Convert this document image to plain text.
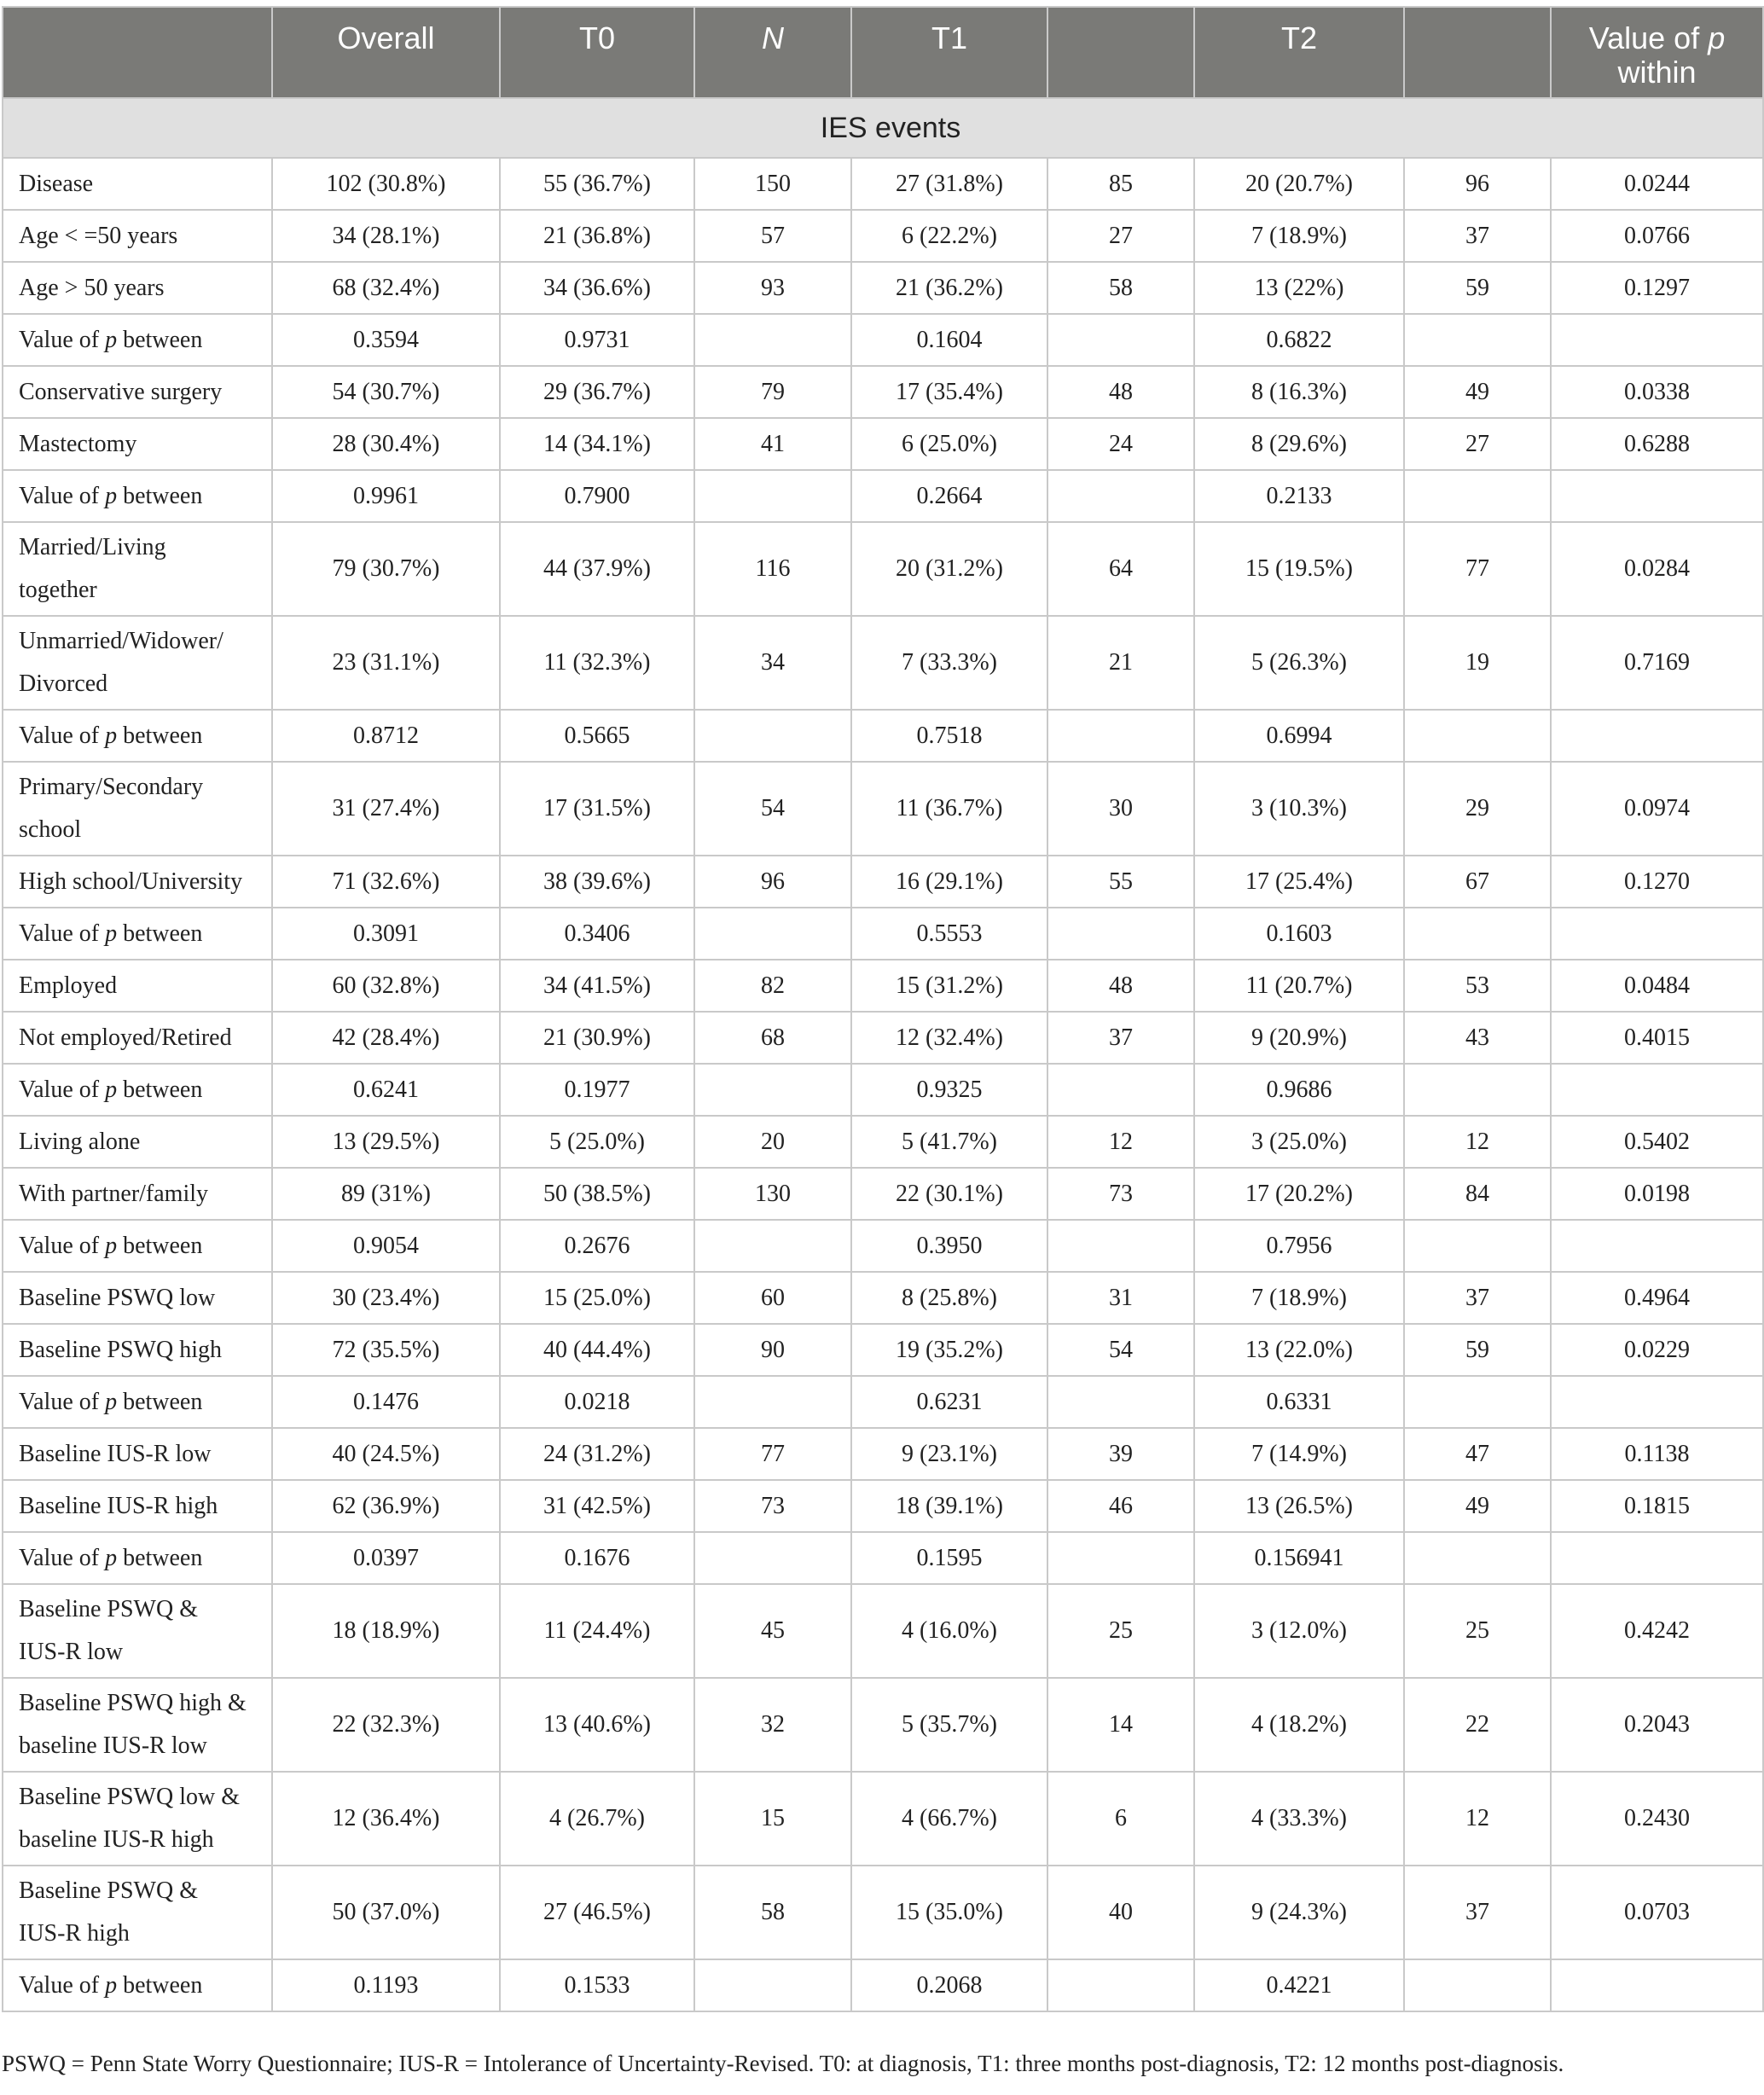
	Overall	T0	N	T1		T2		Value of p within
IES events								
Disease	102 (30.8%)	55 (36.7%)	150	27 (31.8%)	85	20 (20.7%)	96	0.0244
Age < =50 years	34 (28.1%)	21 (36.8%)	57	6 (22.2%)	27	7 (18.9%)	37	0.0766
Age > 50 years	68 (32.4%)	34 (36.6%)	93	21 (36.2%)	58	13 (22%)	59	0.1297
Value of p between	0.3594	0.9731		0.1604		0.6822		
Conservative surgery	54 (30.7%)	29 (36.7%)	79	17 (35.4%)	48	8 (16.3%)	49	0.0338
Mastectomy	28 (30.4%)	14 (34.1%)	41	6 (25.0%)	24	8 (29.6%)	27	0.6288
Value of p between	0.9961	0.7900		0.2664		0.2133		
Married/Living
together	79 (30.7%)	44 (37.9%)	116	20 (31.2%)	64	15 (19.5%)	77	0.0284
Unmarried/Widower/
Divorced	23 (31.1%)	11 (32.3%)	34	7 (33.3%)	21	5 (26.3%)	19	0.7169
Value of p between	0.8712	0.5665		0.7518		0.6994		
Primary/Secondary
school	31 (27.4%)	17 (31.5%)	54	11 (36.7%)	30	3 (10.3%)	29	0.0974
High school/University	71 (32.6%)	38 (39.6%)	96	16 (29.1%)	55	17 (25.4%)	67	0.1270
Value of p between	0.3091	0.3406		0.5553		0.1603		
Employed	60 (32.8%)	34 (41.5%)	82	15 (31.2%)	48	11 (20.7%)	53	0.0484
Not employed/Retired	42 (28.4%)	21 (30.9%)	68	12 (32.4%)	37	9 (20.9%)	43	0.4015
Value of p between	0.6241	0.1977		0.9325		0.9686		
Living alone	13 (29.5%)	5 (25.0%)	20	5 (41.7%)	12	3 (25.0%)	12	0.5402
With partner/family	89 (31%)	50 (38.5%)	130	22 (30.1%)	73	17 (20.2%)	84	0.0198
Value of p between	0.9054	0.2676		0.3950		0.7956		
Baseline PSWQ low	30 (23.4%)	15 (25.0%)	60	8 (25.8%)	31	7 (18.9%)	37	0.4964
Baseline PSWQ high	72 (35.5%)	40 (44.4%)	90	19 (35.2%)	54	13 (22.0%)	59	0.0229
Value of p between	0.1476	0.0218		0.6231		0.6331		
Baseline IUS-R low	40 (24.5%)	24 (31.2%)	77	9 (23.1%)	39	7 (14.9%)	47	0.1138
Baseline IUS-R high	62 (36.9%)	31 (42.5%)	73	18 (39.1%)	46	13 (26.5%)	49	0.1815
Value of p between	0.0397	0.1676		0.1595		0.156941		
Baseline PSWQ &
IUS-R low	18 (18.9%)	11 (24.4%)	45	4 (16.0%)	25	3 (12.0%)	25	0.4242
Baseline PSWQ high &
baseline IUS-R low	22 (32.3%)	13 (40.6%)	32	5 (35.7%)	14	4 (18.2%)	22	0.2043
Baseline PSWQ low &
baseline IUS-R high	12 (36.4%)	4 (26.7%)	15	4 (66.7%)	6	4 (33.3%)	12	0.2430
Baseline PSWQ &
IUS-R high	50 (37.0%)	27 (46.5%)	58	15 (35.0%)	40	9 (24.3%)	37	0.0703
Value of p between	0.1193	0.1533		0.2068		0.4221		
PSWQ = Penn State Worry Questionnaire; IUS-R = Intolerance of Uncertainty-Revised. T0: at diagnosis, T1: three months post-diagnosis, T2: 12 months post-diagnosis.
